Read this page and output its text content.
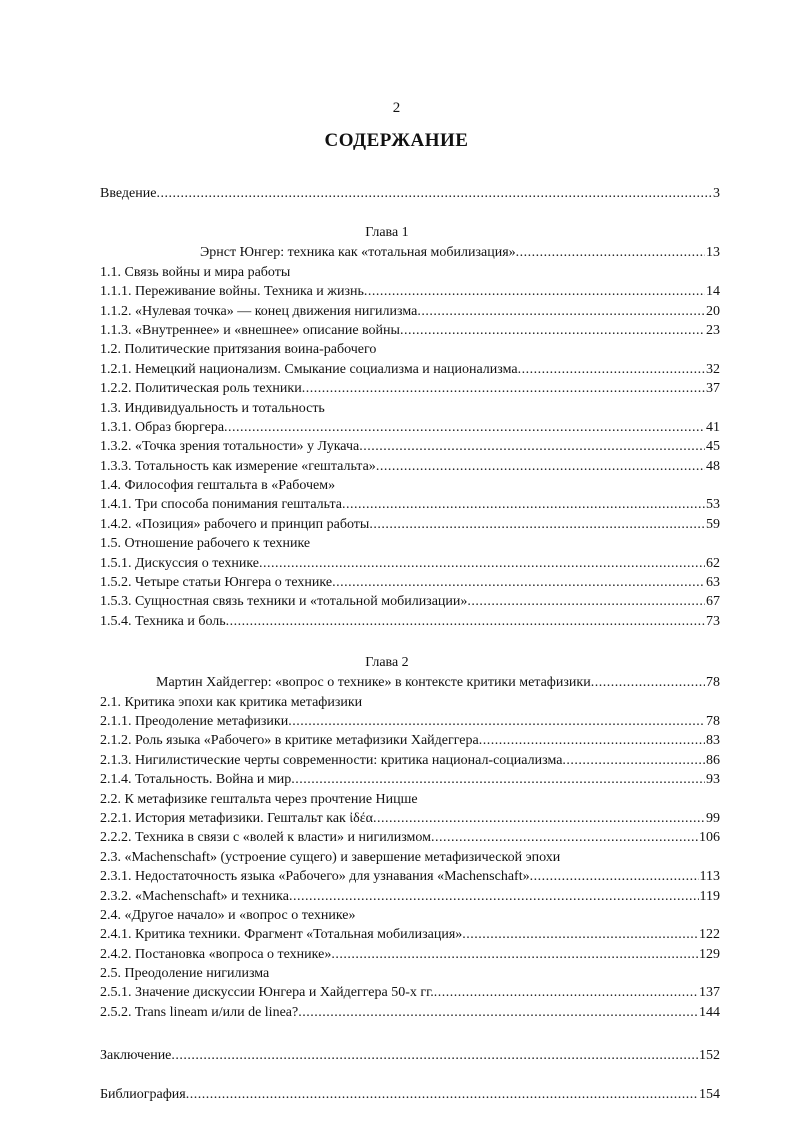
2
СОДЕРЖАНИЕ
Введение .....	3
Глава 1
Эрнст Юнгер: техника как «тотальная мобилизация» .....	13
1.1. Связь войны и мира работы
1.1.1. Переживание войны. Техника и жизнь .....	14
1.1.2. «Нулевая точка» — конец движения нигилизма .....	20
1.1.3. «Внутреннее» и «внешнее» описание войны .....	23
1.2. Политические притязания воина-рабочего
1.2.1. Немецкий национализм. Смыкание социализма и национализма .....	32
1.2.2. Политическая роль техники .....	37
1.3. Индивидуальность и тотальность
1.3.1. Образ бюргера .....	41
1.3.2. «Точка зрения тотальности» у Лукача .....	45
1.3.3. Тотальность как измерение «гештальта» .....	48
1.4. Философия гештальта в «Рабочем»
1.4.1. Три способа понимания гештальта .....	53
1.4.2. «Позиция» рабочего и принцип работы .....	59
1.5. Отношение рабочего к технике
1.5.1. Дискуссия о технике .....	62
1.5.2. Четыре статьи Юнгера о технике .....	63
1.5.3. Сущностная связь техники и «тотальной мобилизации» .....	67
1.5.4. Техника и боль .....	73
Глава 2
Мартин Хайдеггер: «вопрос о технике» в контексте критики метафизики .....	78
2.1. Критика эпохи как критика метафизики
2.1.1. Преодоление метафизики .....	78
2.1.2. Роль языка «Рабочего» в критике метафизики Хайдеггера .....	83
2.1.3. Нигилистические черты современности: критика национал-социализма .....	86
2.1.4. Тотальность. Война и мир .....	93
2.2. К метафизике гештальта через прочтение Ницше
2.2.1. История метафизики. Гештальт как ἰδέα .....	99
2.2.2. Техника в связи с «волей к власти» и нигилизмом .....	106
2.3. «Machenschaft» (устроение сущего) и завершение метафизической эпохи
2.3.1. Недостаточность языка «Рабочего» для узнавания «Machenschaft» .....	113
2.3.2. «Machenschaft» и техника .....	119
2.4. «Другое начало» и «вопрос о технике»
2.4.1. Критика техники. Фрагмент «Тотальная мобилизация» .....	122
2.4.2. Постановка «вопроса о технике» .....	129
2.5. Преодоление нигилизма
2.5.1. Значение дискуссии Юнгера и Хайдеггера 50-х гг. .....	137
2.5.2. Trans lineam и/или de linea? .....	144
Заключение .....	152
Библиография .....	154
